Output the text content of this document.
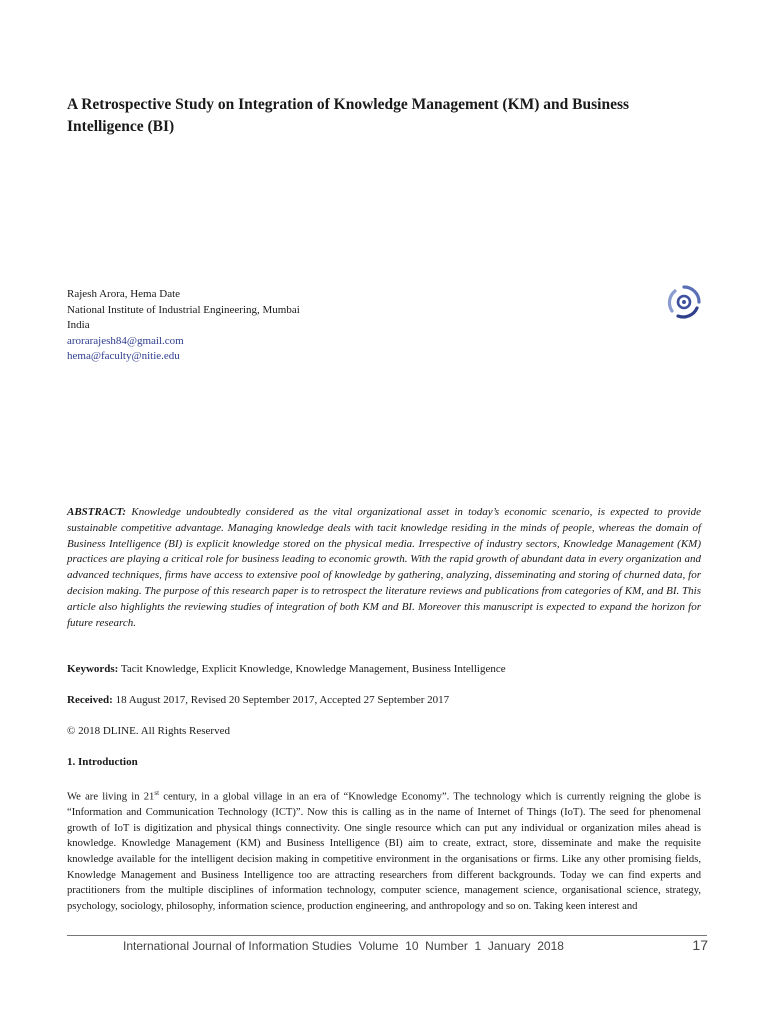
A Retrospective Study on Integration of Knowledge Management (KM) and Business Intelligence (BI)
Rajesh Arora, Hema Date
National Institute of Industrial Engineering, Mumbai
India
arorarajesh84@gmail.com
hema@faculty@nitie.edu
ABSTRACT: Knowledge undoubtedly considered as the vital organizational asset in today’s economic scenario, is expected to provide sustainable competitive advantage. Managing knowledge deals with tacit knowledge residing in the minds of people, whereas the domain of Business Intelligence (BI) is explicit knowledge stored on the physical media. Irrespective of industry sectors, Knowledge Management (KM) practices are playing a critical role for business leading to economic growth. With the rapid growth of abundant data in every organization and advanced techniques, firms have access to extensive pool of knowledge by gathering, analyzing, disseminating and storing of churned data, for decision making. The purpose of this research paper is to retrospect the literature reviews and publications from categories of KM, and BI. This article also highlights the reviewing studies of integration of both KM and BI. Moreover this manuscript is expected to expand the horizon for future research.
Keywords: Tacit Knowledge, Explicit Knowledge, Knowledge Management, Business Intelligence
Received: 18 August 2017, Revised 20 September 2017, Accepted 27 September 2017
© 2018 DLINE. All Rights Reserved
1. Introduction
We are living in 21st century, in a global village in an era of “Knowledge Economy”. The technology which is currently reigning the globe is “Information and Communication Technology (ICT)”. Now this is calling as in the name of Internet of Things (IoT). The seed for phenomenal growth of IoT is digitization and physical things connectivity. One single resource which can put any individual or organization miles ahead is knowledge. Knowledge Management (KM) and Business Intelligence (BI) aim to create, extract, store, disseminate and make the requisite knowledge available for the intelligent decision making in competitive environment in the organisations or firms. Like any other promising fields, Knowledge Management and Business Intelligence too are attracting researchers from different backgrounds. Today we can find experts and practitioners from the multiple disciplines of information technology, computer science, management science, organisational science, strategy, psychology, sociology, philosophy, information science, production engineering, and anthropology and so on. Taking keen interest and
International Journal of Information Studies  Volume  10  Number  1  January  2018	17
